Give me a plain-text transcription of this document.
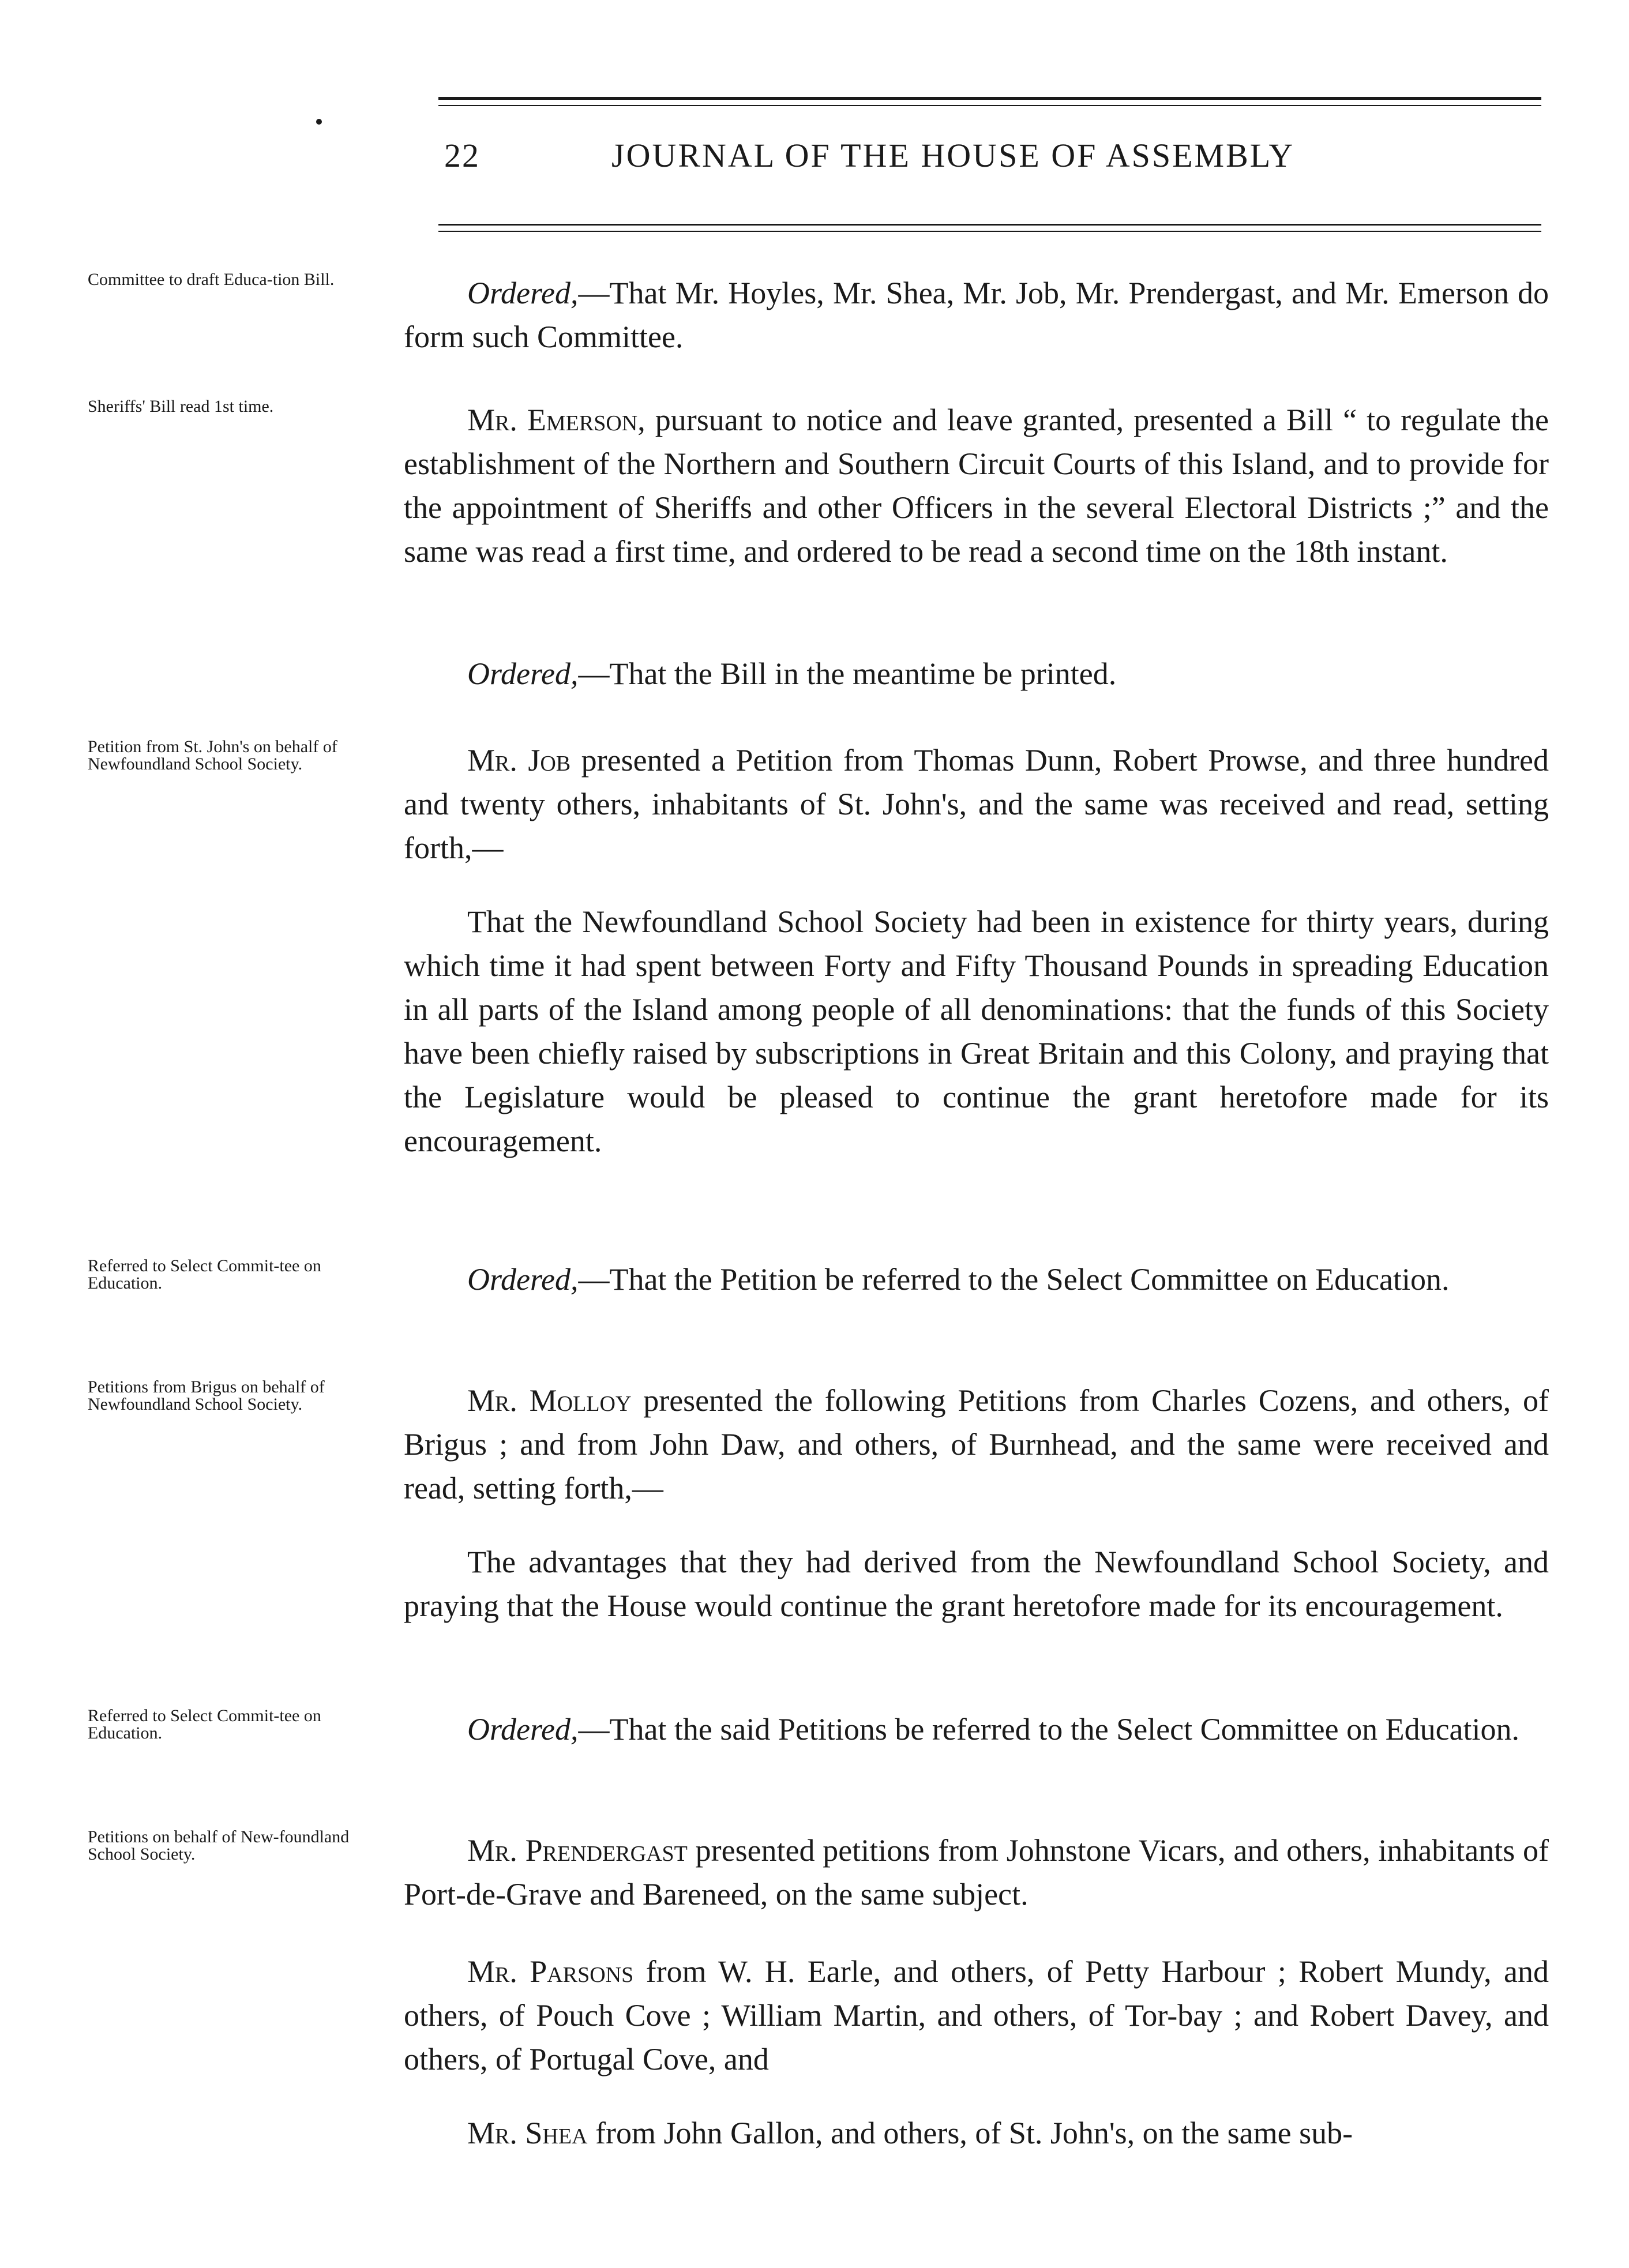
22	JOURNAL OF THE HOUSE OF ASSEMBLY
Committee to draft Educa-tion Bill.	Ordered,—That Mr. Hoyles, Mr. Shea, Mr. Job, Mr. Prendergast, and Mr. Emerson do form such Committee.
Sheriffs' Bill read 1st time.	Mr. Emerson, pursuant to notice and leave granted, presented a Bill “ to regulate the establishment of the Northern and Southern Circuit Courts of this Island, and to provide for the appointment of Sheriffs and other Officers in the several Electoral Districts ;” and the same was read a first time, and ordered to be read a second time on the 18th instant.
Ordered,—That the Bill in the meantime be printed.
Petition from St. John's on behalf of Newfoundland School Society.	Mr. Job presented a Petition from Thomas Dunn, Robert Prowse, and three hundred and twenty others, inhabitants of St. John's, and the same was received and read, setting forth,—
That the Newfoundland School Society had been in existence for thirty years, during which time it had spent between Forty and Fifty Thousand Pounds in spreading Education in all parts of the Island among people of all denominations: that the funds of this Society have been chiefly raised by subscriptions in Great Britain and this Colony, and praying that the Legislature would be pleased to continue the grant heretofore made for its encouragement.
Referred to Select Commit-tee on Education.	Ordered,—That the Petition be referred to the Select Committee on Education.
Petitions from Brigus on behalf of Newfoundland School Society.	Mr. Molloy presented the following Petitions from Charles Cozens, and others, of Brigus ; and from John Daw, and others, of Burnhead, and the same were received and read, setting forth,—
The advantages that they had derived from the Newfoundland School Society, and praying that the House would continue the grant heretofore made for its encouragement.
Referred to Select Commit-tee on Education.	Ordered,—That the said Petitions be referred to the Select Committee on Education.
Petitions on behalf of New-foundland School Society.	Mr. Prendergast presented petitions from Johnstone Vicars, and others, inhabitants of Port-de-Grave and Bareneed, on the same subject.
Mr. Parsons from W. H. Earle, and others, of Petty Harbour ; Robert Mundy, and others, of Pouch Cove ; William Martin, and others, of Tor-bay ; and Robert Davey, and others, of Portugal Cove, and
Mr. Shea from John Gallon, and others, of St. John's, on the same sub-
